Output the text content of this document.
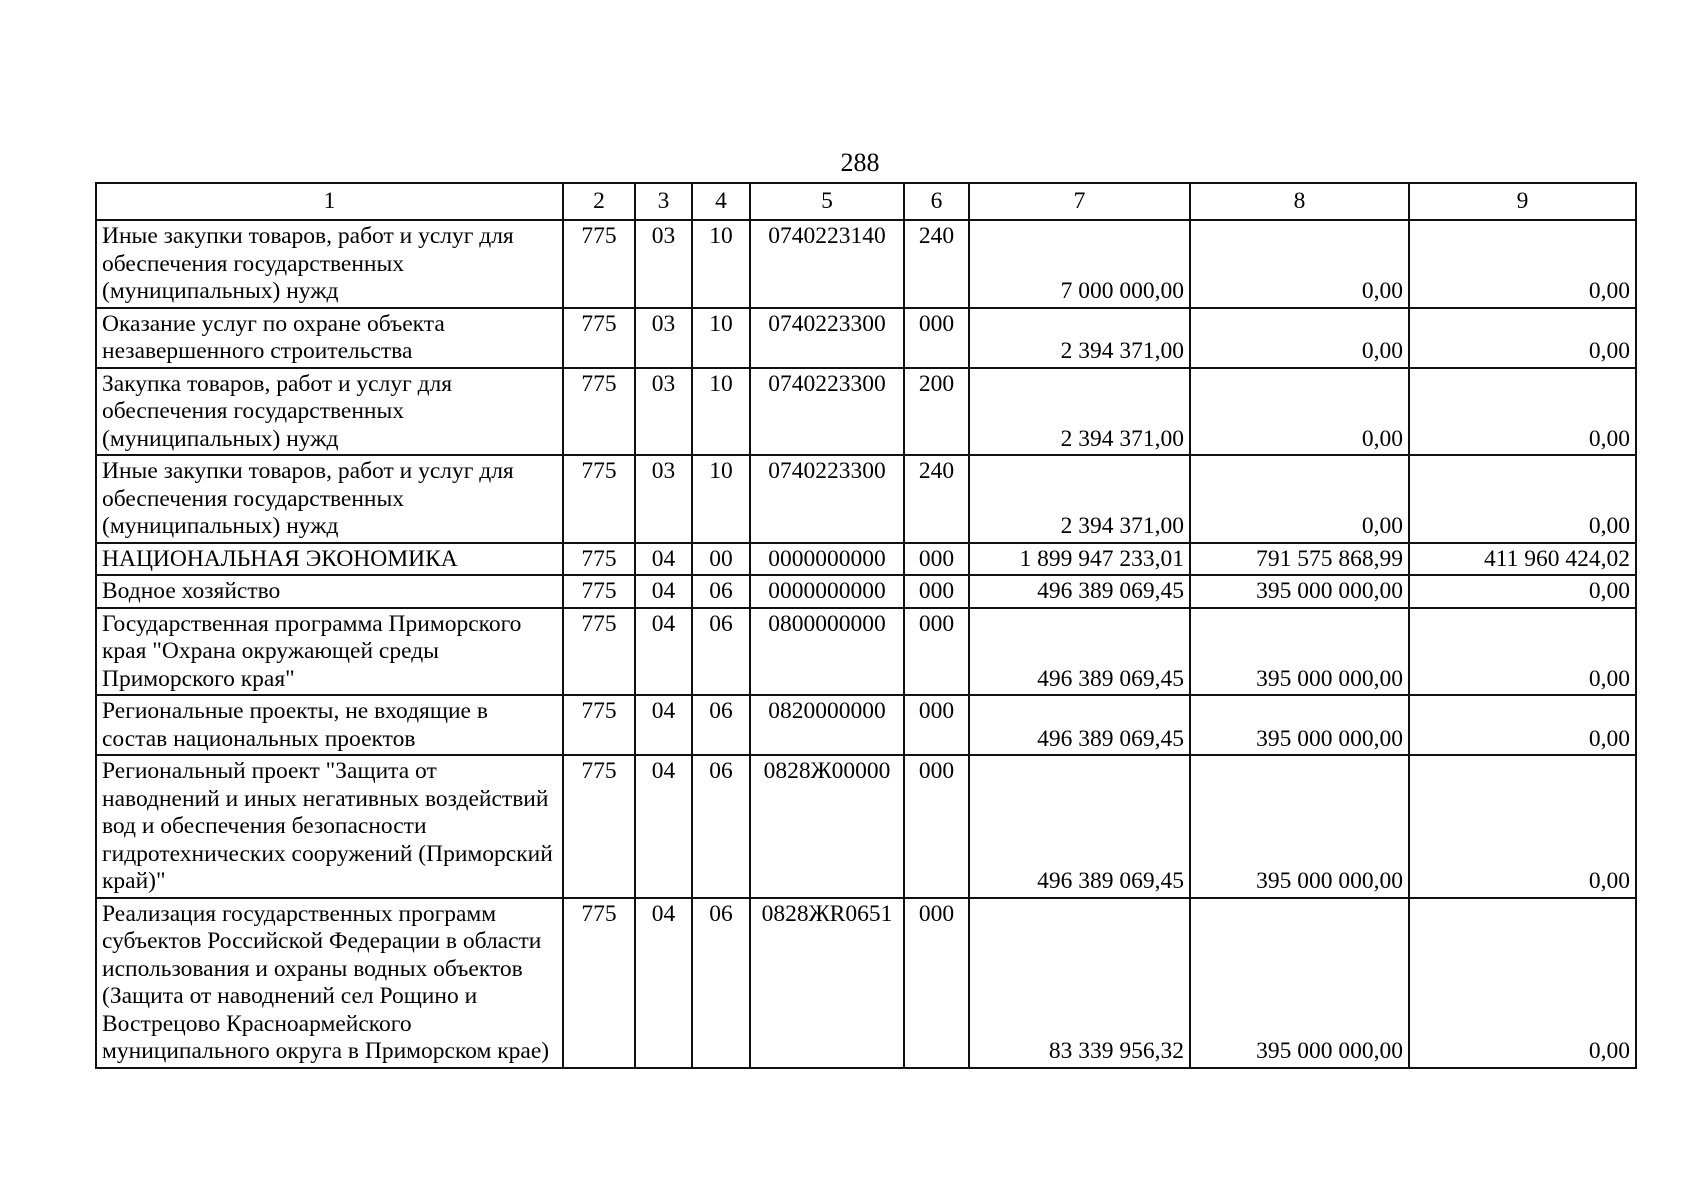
288
1	2	3	4	5	6	7	8	9
Иные закупки товаров, работ и услуг для обеспечения государственных (муниципальных) нужд	775	03	10	0740223140	240	7 000 000,00	0,00	0,00
Оказание услуг по охране объекта незавершенного строительства	775	03	10	0740223300	000	2 394 371,00	0,00	0,00
Закупка товаров, работ и услуг для обеспечения государственных (муниципальных) нужд	775	03	10	0740223300	200	2 394 371,00	0,00	0,00
Иные закупки товаров, работ и услуг для обеспечения государственных (муниципальных) нужд	775	03	10	0740223300	240	2 394 371,00	0,00	0,00
НАЦИОНАЛЬНАЯ ЭКОНОМИКА	775	04	00	0000000000	000	1 899 947 233,01	791 575 868,99	411 960 424,02
Водное хозяйство	775	04	06	0000000000	000	496 389 069,45	395 000 000,00	0,00
Государственная программа Приморского края "Охрана окружающей среды Приморского края"	775	04	06	0800000000	000	496 389 069,45	395 000 000,00	0,00
Региональные проекты, не входящие в состав национальных проектов	775	04	06	0820000000	000	496 389 069,45	395 000 000,00	0,00
Региональный проект "Защита от наводнений и иных негативных воздействий вод и обеспечения безопасности гидротехнических сооружений (Приморский край)"	775	04	06	0828Ж00000	000	496 389 069,45	395 000 000,00	0,00
Реализация государственных программ субъектов Российской Федерации в области использования и охраны водных объектов (Защита от наводнений сел Рощино и Вострецово Красноармейского муниципального округа в Приморском крае)	775	04	06	0828ЖR0651	000	83 339 956,32	395 000 000,00	0,00
